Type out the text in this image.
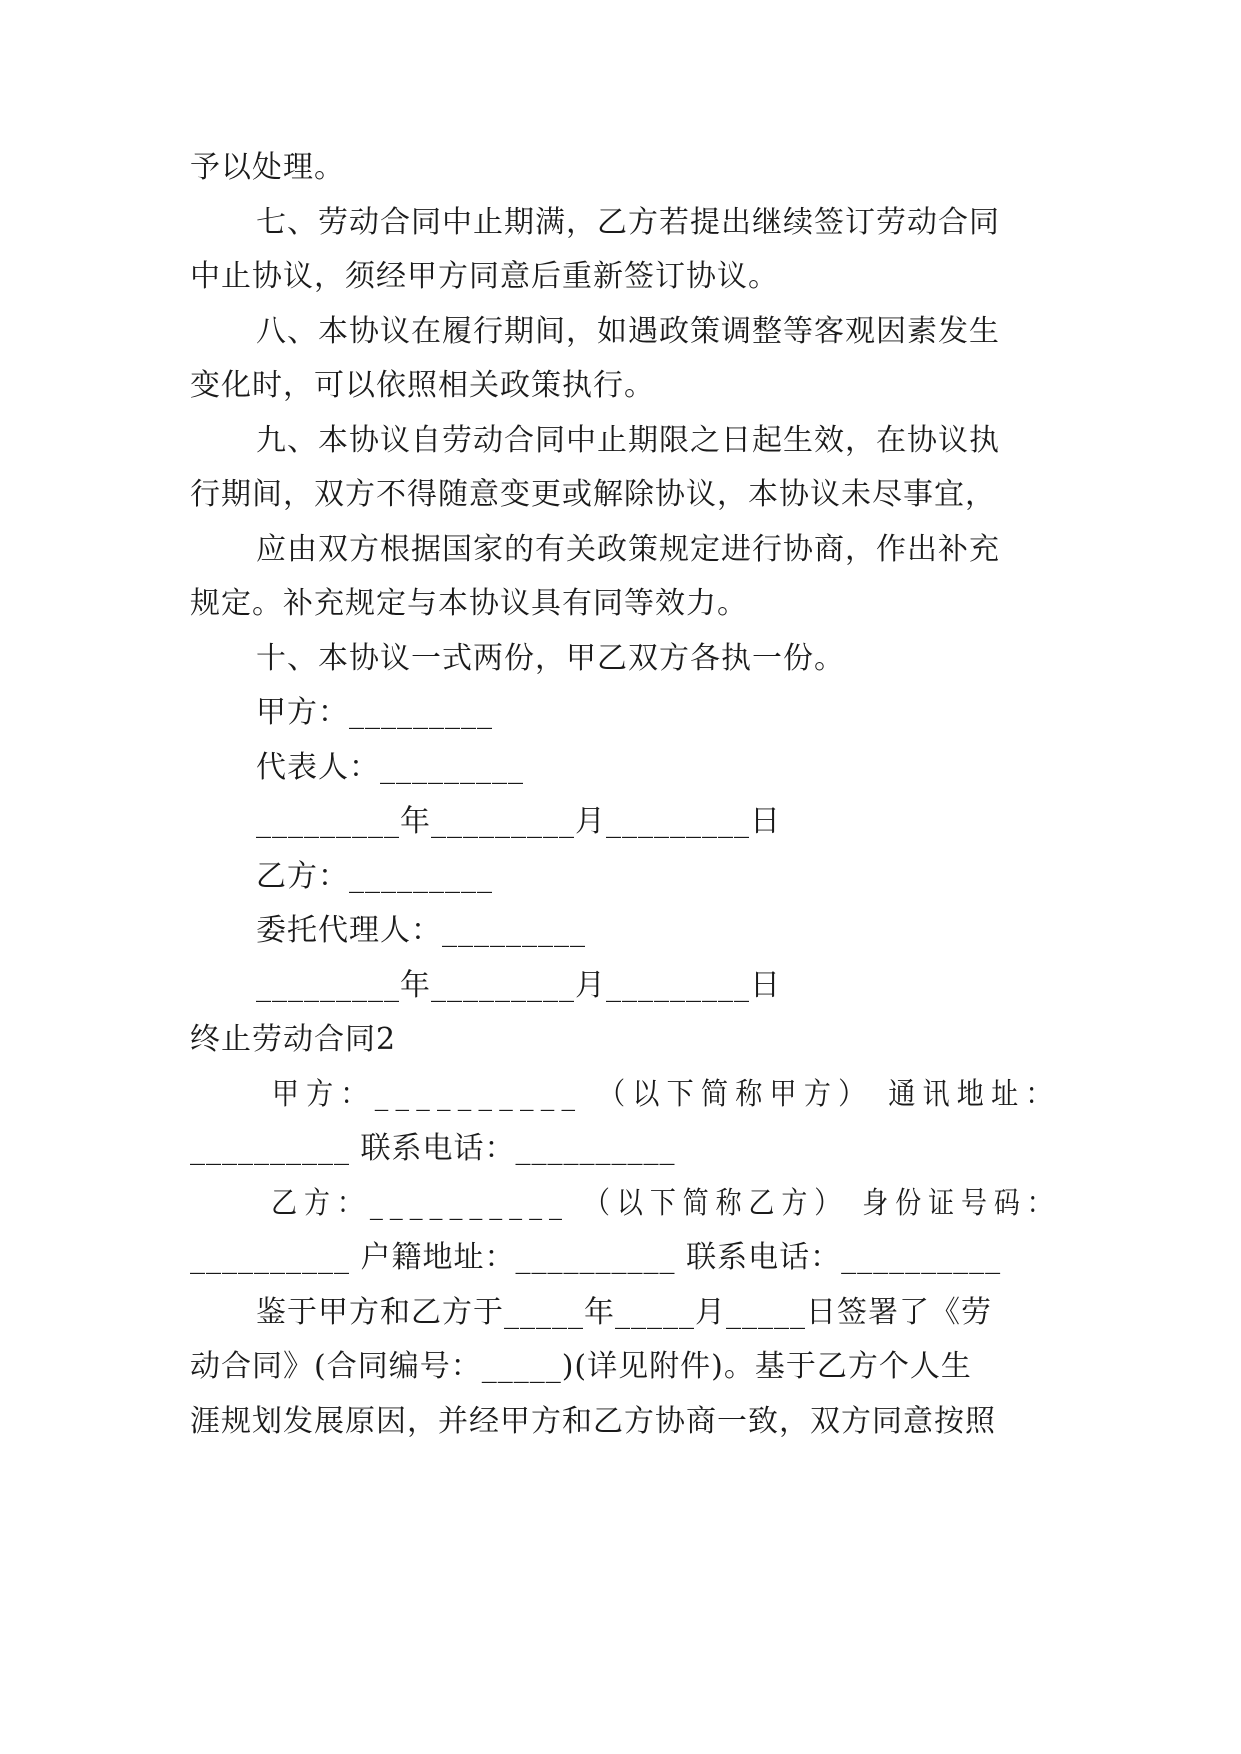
予以处理。
七、劳动合同中止期满，乙方若提出继续签订劳动合同
中止协议，须经甲方同意后重新签订协议。
八、本协议在履行期间，如遇政策调整等客观因素发生
变化时，可以依照相关政策执行。
九、本协议自劳动合同中止期限之日起生效，在协议执
行期间，双方不得随意变更或解除协议，本协议未尽事宜，
应由双方根据国家的有关政策规定进行协商，作出补充
规定。补充规定与本协议具有同等效力。
十、本协议一式两份，甲乙双方各执一份。
甲方：_________
代表人：_________
_________年_________月_________日
乙方：_________
委托代理人：_________
_________年_________月_________日
终止劳动合同2
甲方：__________ （以下简称甲方） 通讯地址：
__________ 联系电话：__________
乙方：__________ （以下简称乙方） 身份证号码：
__________ 户籍地址：__________ 联系电话：__________
鉴于甲方和乙方于_____年_____月_____日签署了《劳
动合同》(合同编号：_____)(详见附件)。基于乙方个人生
涯规划发展原因，并经甲方和乙方协商一致，双方同意按照
